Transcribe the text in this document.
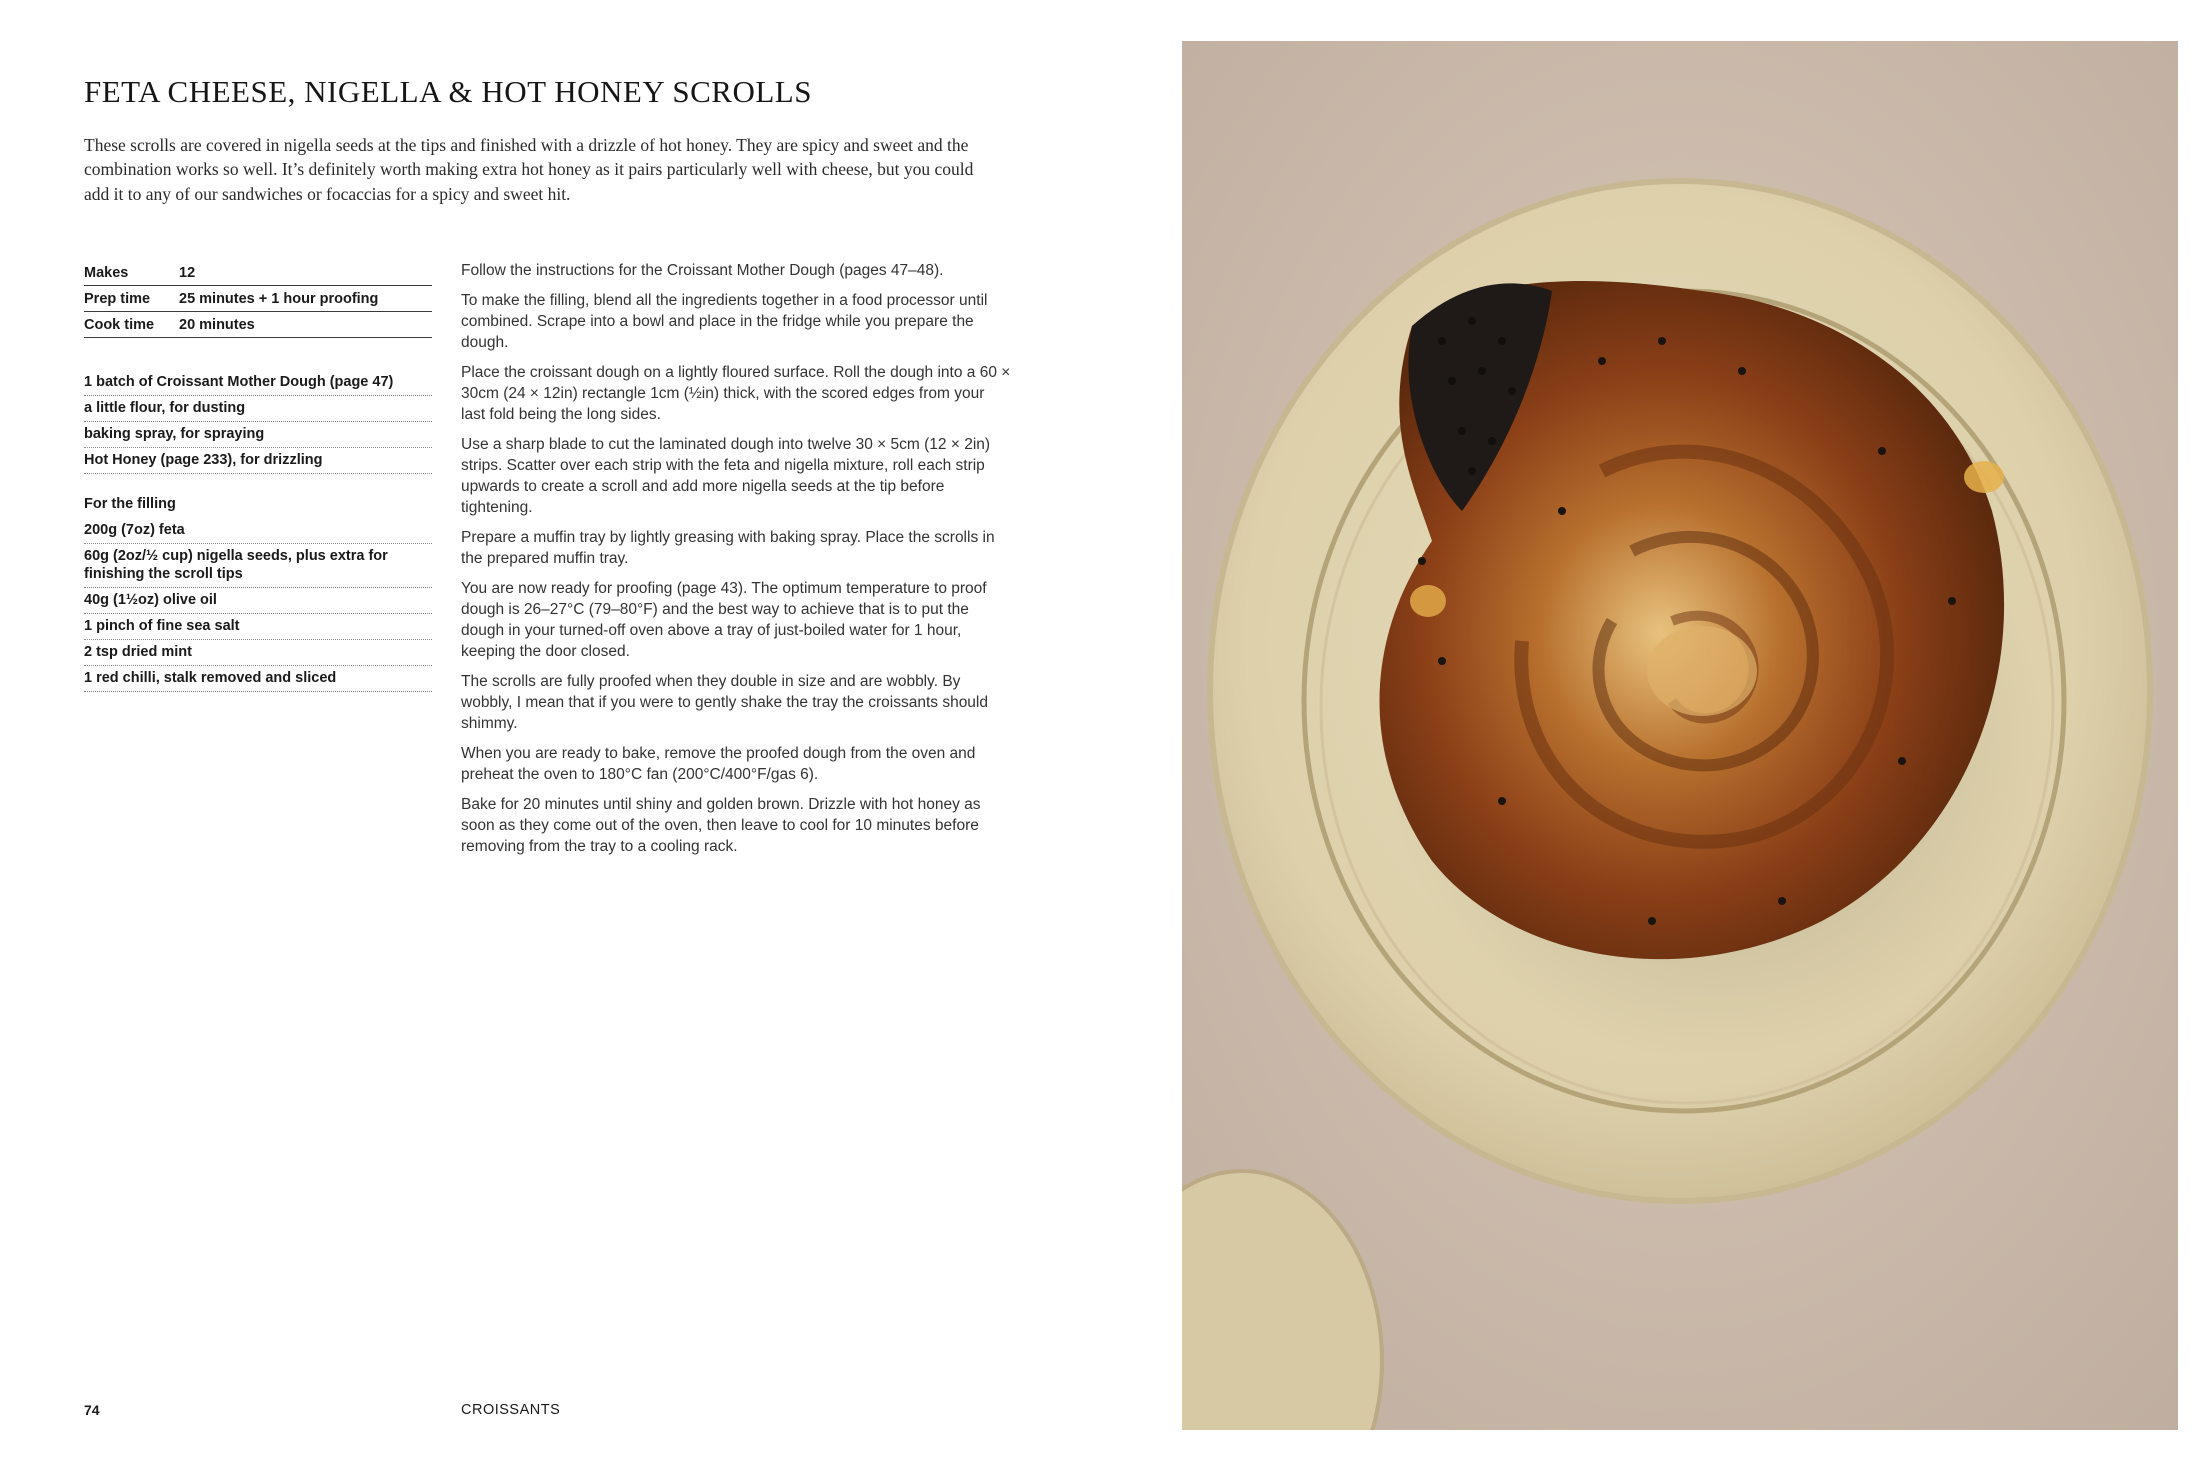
FETA CHEESE, NIGELLA & HOT HONEY SCROLLS

These scrolls are covered in nigella seeds at the tips and finished with a drizzle of hot honey. They are spicy and sweet and the combination works so well. It’s definitely worth making extra hot honey as it pairs particularly well with cheese, but you could add it to any of our sandwiches or focaccias for a spicy and sweet hit.

Makes	12
Prep time	25 minutes + 1 hour proofing
Cook time	20 minutes
1 batch of Croissant Mother Dough (page 47)
a little flour, for dusting
baking spray, for spraying
Hot Honey (page 233), for drizzling
For the filling
200g (7oz) feta
60g (2oz/½ cup) nigella seeds, plus extra for finishing the scroll tips
40g (1½oz) olive oil
1 pinch of fine sea salt
2 tsp dried mint
1 red chilli, stalk removed and sliced

Follow the instructions for the Croissant Mother Dough (pages 47–48).

To make the filling, blend all the ingredients together in a food processor until combined. Scrape into a bowl and place in the fridge while you prepare the dough.

Place the croissant dough on a lightly floured surface. Roll the dough into a 60 × 30cm (24 × 12in) rectangle 1cm (½in) thick, with the scored edges from your last fold being the long sides.

Use a sharp blade to cut the laminated dough into twelve 30 × 5cm (12 × 2in) strips. Scatter over each strip with the feta and nigella mixture, roll each strip upwards to create a scroll and add more nigella seeds at the tip before tightening.

Prepare a muffin tray by lightly greasing with baking spray. Place the scrolls in the prepared muffin tray.

You are now ready for proofing (page 43). The optimum temperature to proof dough is 26–27°C (79–80°F) and the best way to achieve that is to put the dough in your turned-off oven above a tray of just-boiled water for 1 hour, keeping the door closed.

The scrolls are fully proofed when they double in size and are wobbly. By wobbly, I mean that if you were to gently shake the tray the croissants should shimmy.

When you are ready to bake, remove the proofed dough from the oven and preheat the oven to 180°C fan (200°C/400°F/gas 6).

Bake for 20 minutes until shiny and golden brown. Drizzle with hot honey as soon as they come out of the oven, then leave to cool for 10 minutes before removing from the tray to a cooling rack.

74	CROISSANTS
